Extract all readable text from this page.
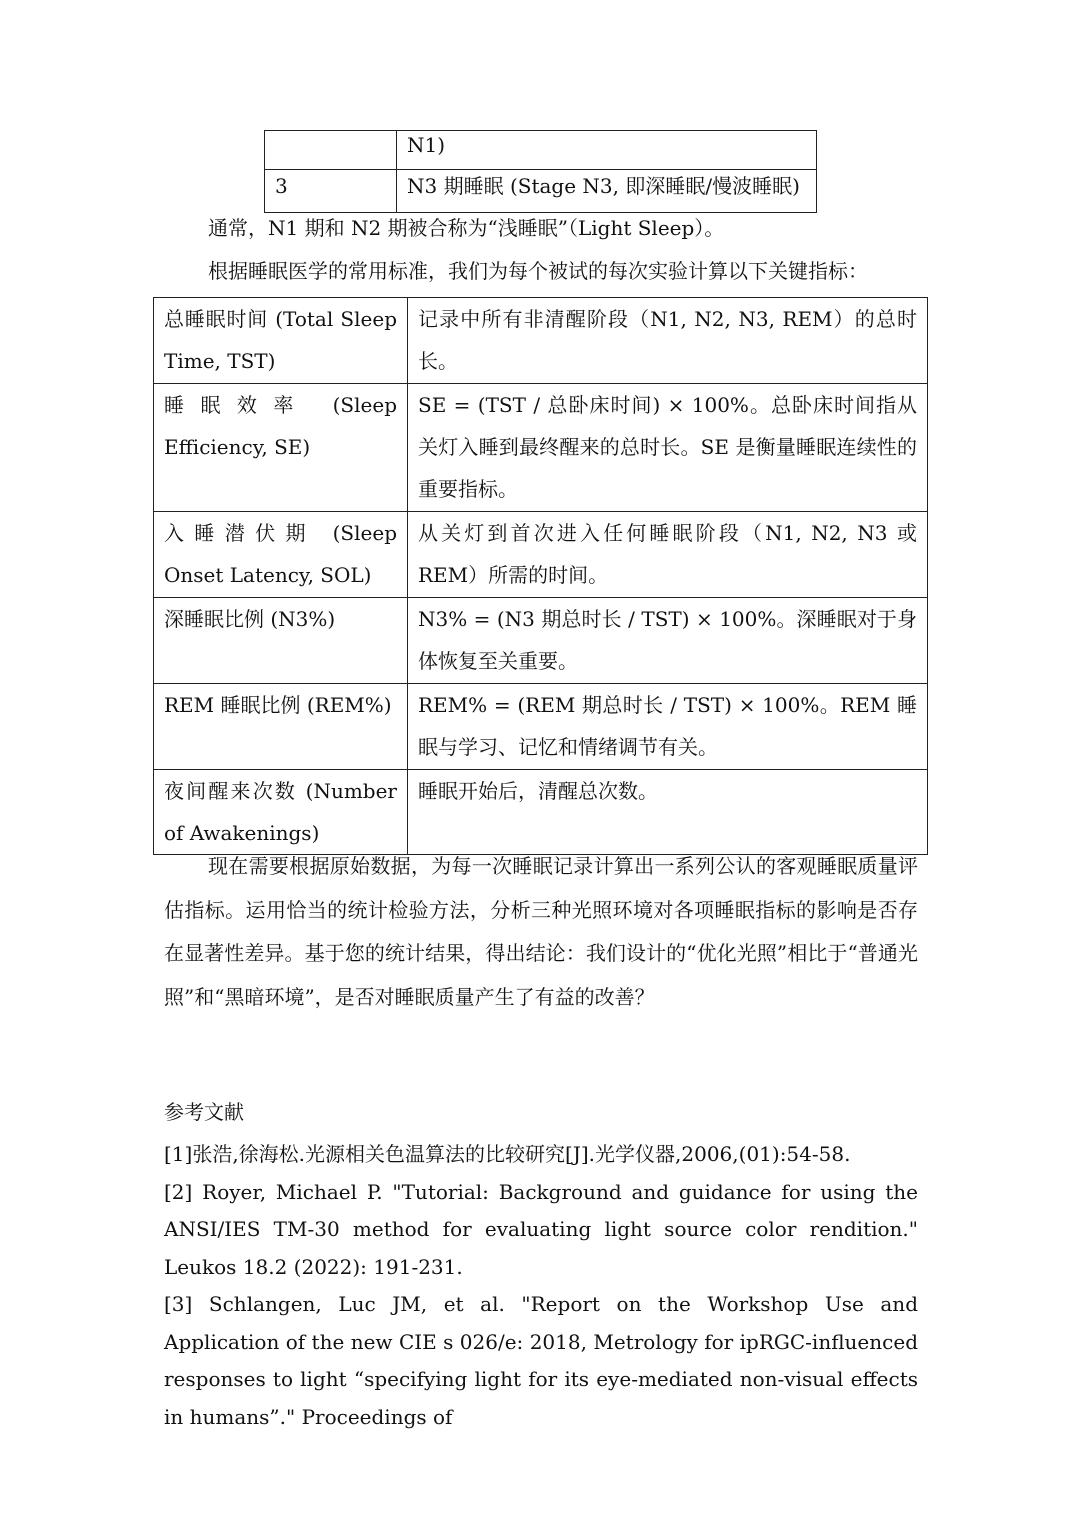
	N1)
3	N3 期睡眠 (Stage N3, 即深睡眠/慢波睡眠)

通常，N1 期和 N2 期被合称为“浅睡眠”（Light Sleep）。

根据睡眠医学的常用标准，我们为每个被试的每次实验计算以下关键指标：

总睡眠时间 (Total Sleep Time, TST)	记录中所有非清醒阶段（N1, N2, N3, REM）的总时长。
睡眠效率 (Sleep Efficiency, SE)	SE = (TST / 总卧床时间) × 100%。总卧床时间指从关灯入睡到最终醒来的总时长。SE 是衡量睡眠连续性的重要指标。
入睡潜伏期 (Sleep Onset Latency, SOL)	从关灯到首次进入任何睡眠阶段（N1, N2, N3 或 REM）所需的时间。
深睡眠比例 (N3%)	N3% = (N3 期总时长 / TST) × 100%。深睡眠对于身体恢复至关重要。
REM 睡眠比例 (REM%)	REM% = (REM 期总时长 / TST) × 100%。REM 睡眠与学习、记忆和情绪调节有关。
夜间醒来次数 (Number of Awakenings)	睡眠开始后，清醒总次数。

现在需要根据原始数据，为每一次睡眠记录计算出一系列公认的客观睡眠质量评估指标。运用恰当的统计检验方法，分析三种光照环境对各项睡眠指标的影响是否存在显著性差异。基于您的统计结果，得出结论：我们设计的“优化光照”相比于“普通光照”和“黑暗环境”，是否对睡眠质量产生了有益的改善？

参考文献

[1]张浩,徐海松.光源相关色温算法的比较研究[J].光学仪器,2006,(01):54-58.
[2] Royer, Michael P. "Tutorial: Background and guidance for using the ANSI/IES TM-30 method for evaluating light source color rendition." Leukos 18.2 (2022): 191-231.
[3] Schlangen, Luc JM, et al. "Report on the Workshop Use and Application of the new CIE s 026/e: 2018, Metrology for ipRGC-influenced responses to light “specifying light for its eye-mediated non-visual effects in humans”." Proceedings of
